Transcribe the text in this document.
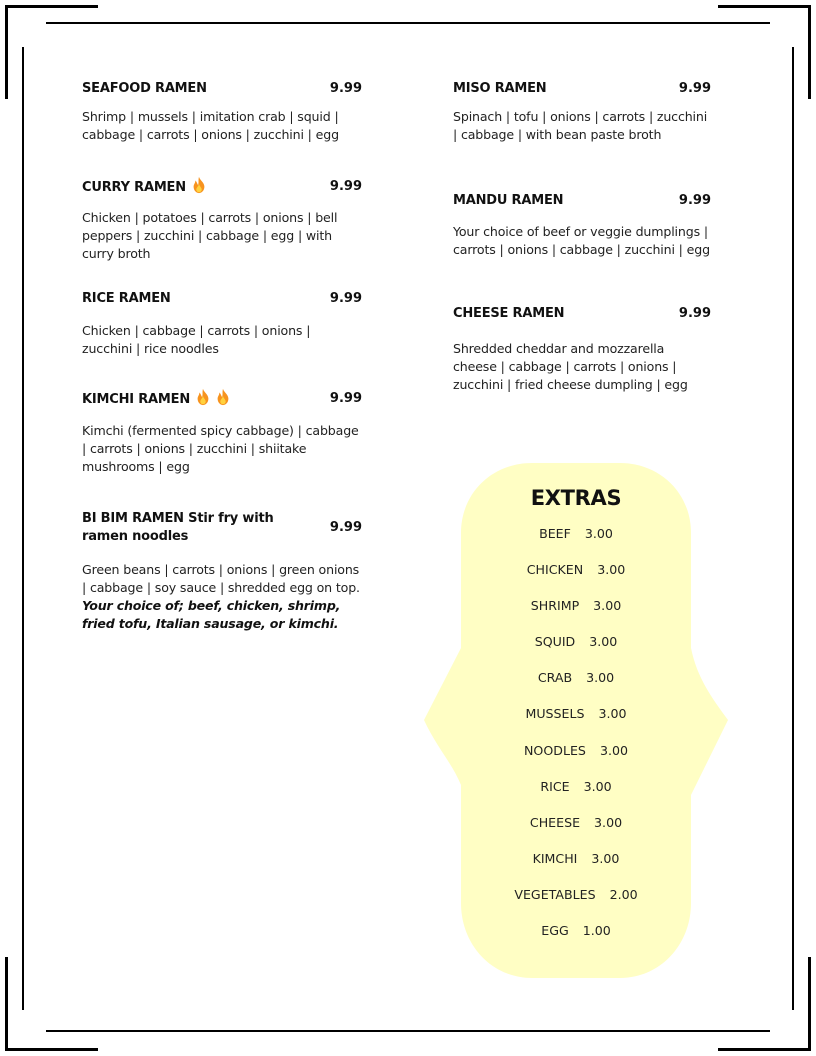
SEAFOOD RAMEN	9.99
Shrimp | mussels | imitation crab | squid | cabbage | carrots | onions | zucchini | egg
CURRY RAMEN	9.99
Chicken | potatoes | carrots | onions | bell peppers | zucchini | cabbage | egg | with curry broth
RICE RAMEN	9.99
Chicken | cabbage | carrots | onions | zucchini | rice noodles
KIMCHI RAMEN	9.99
Kimchi (fermented spicy cabbage) | cabbage | carrots | onions | zucchini | shiitake mushrooms | egg
BI BIM RAMEN Stir fry with ramen noodles
9.99
Green beans | carrots | onions | green onions | cabbage | soy sauce | shredded egg on top.
Your choice of; beef, chicken, shrimp, fried tofu, Italian sausage, or kimchi.
MISO RAMEN	9.99
Spinach | tofu | onions | carrots | zucchini | cabbage | with bean paste broth
MANDU RAMEN	9.99
Your choice of beef or veggie dumplings | carrots | onions | cabbage | zucchini | egg
CHEESE RAMEN	9.99
Shredded cheddar and mozzarella cheese | cabbage | carrots | onions | zucchini | fried cheese dumpling | egg
EXTRAS
BEEF 3.00
CHICKEN 3.00
SHRIMP 3.00
SQUID 3.00
CRAB 3.00
MUSSELS 3.00
NOODLES 3.00
RICE 3.00
CHEESE 3.00
KIMCHI 3.00
VEGETABLES 2.00
EGG 1.00
